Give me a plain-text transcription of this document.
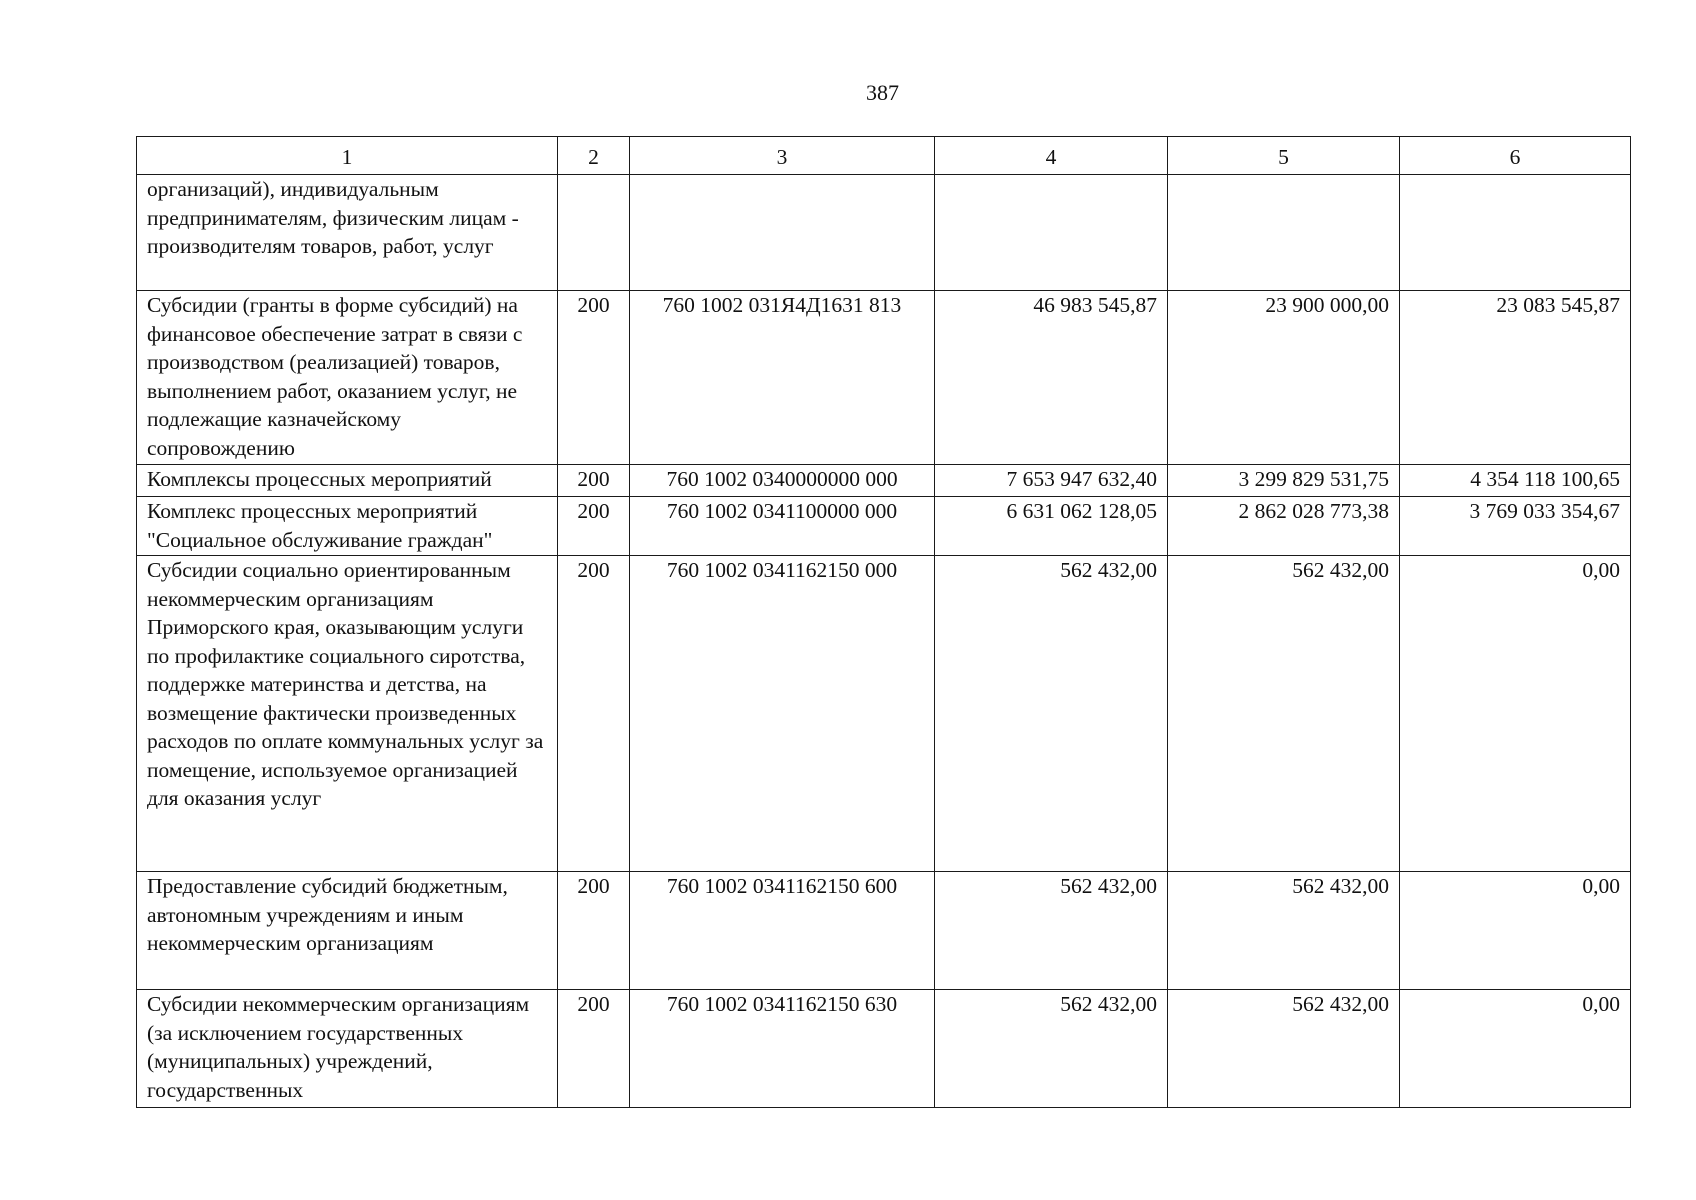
387
1	2	3	4	5	6
организаций), индивидуальным предпринимателям, физическим лицам - производителям товаров, работ, услуг					
Субсидии (гранты в форме субсидий) на финансовое обеспечение затрат в связи с производством (реализацией) товаров, выполнением работ, оказанием услуг, не подлежащие казначейскому сопровождению	200	760 1002 031Я4Д1631 813	46 983 545,87	23 900 000,00	23 083 545,87
Комплексы процессных мероприятий	200	760 1002 0340000000 000	7 653 947 632,40	3 299 829 531,75	4 354 118 100,65
Комплекс процессных мероприятий "Социальное обслуживание граждан"	200	760 1002 0341100000 000	6 631 062 128,05	2 862 028 773,38	3 769 033 354,67
Субсидии социально ориентированным некоммерческим организациям Приморского края, оказывающим услуги по профилактике социального сиротства, поддержке материнства и детства, на возмещение фактически произведенных расходов по оплате коммунальных услуг за помещение, используемое организацией для оказания услуг	200	760 1002 0341162150 000	562 432,00	562 432,00	0,00
Предоставление субсидий бюджетным, автономным учреждениям и иным некоммерческим организациям	200	760 1002 0341162150 600	562 432,00	562 432,00	0,00
Субсидии некоммерческим организациям (за исключением государственных (муниципальных) учреждений, государственных	200	760 1002 0341162150 630	562 432,00	562 432,00	0,00
